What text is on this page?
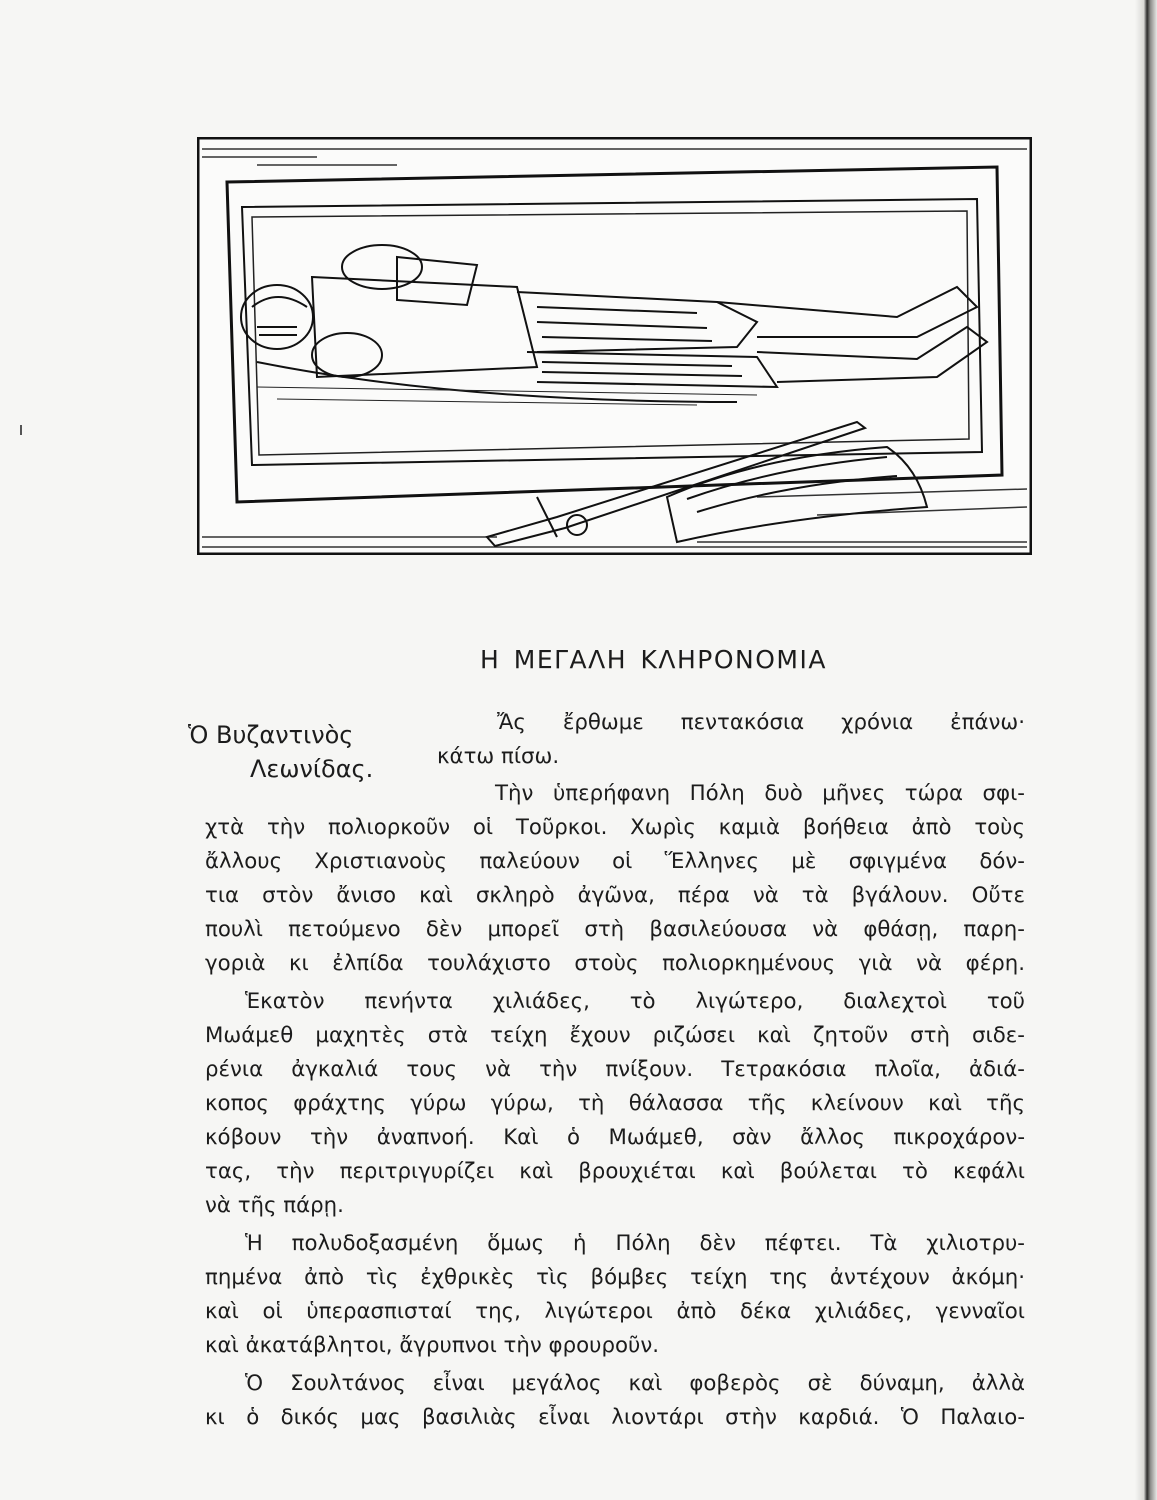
Η ΜΕΓΑΛΗ ΚΛΗΡΟΝΟΜΙΑ
Ὁ Βυζαντινὸς
Λεωνίδας.
Ἄς ἔρθωμε πεντακόσια χρόνια ἐπάνω·
κάτω πίσω.
Τὴν ὑπερήφανη Πόλη δυὸ μῆνες τώρα σφι-
χτὰ τὴν πολιορκοῦν οἱ Τοῦρκοι. Χωρὶς καμιὰ βοήθεια ἀπὸ τοὺς
ἄλλους Χριστιανοὺς παλεύουν οἱ Ἕλληνες μὲ σφιγμένα δόν-
τια στὸν ἄνισο καὶ σκληρὸ ἀγῶνα, πέρα νὰ τὰ βγάλουν. Οὔτε
πουλὶ πετούμενο δὲν μπορεῖ στὴ βασιλεύουσα νὰ φθάσῃ, παρη-
γοριὰ κι ἐλπίδα τουλάχιστο στοὺς πολιορκημένους γιὰ νὰ φέρη.
Ἑκατὸν πενήντα χιλιάδες, τὸ λιγώτερο, διαλεχτοὶ τοῦ
Μωάμεθ μαχητὲς στὰ τείχη ἔχουν ριζώσει καὶ ζητοῦν στὴ σιδε-
ρένια ἀγκαλιά τους νὰ τὴν πνίξουν. Τετρακόσια πλοῖα, ἀδιά-
κοπος φράχτης γύρω γύρω, τὴ θάλασσα τῆς κλείνουν καὶ τῆς
κόβουν τὴν ἀναπνοή. Καὶ ὁ Μωάμεθ, σὰν ἄλλος πικροχάρον-
τας, τὴν περιτριγυρίζει καὶ βρουχιέται καὶ βούλεται τὸ κεφάλι
νὰ τῆς πάρῃ.
Ἡ πολυδοξασμένη ὅμως ἡ Πόλη δὲν πέφτει. Τὰ χιλιοτρυ-
πημένα ἀπὸ τὶς ἐχθρικὲς τὶς βόμβες τείχη της ἀντέχουν ἀκόμη·
καὶ οἱ ὑπερασπισταί της, λιγώτεροι ἀπὸ δέκα χιλιάδες, γενναῖοι
καὶ ἀκατάβλητοι, ἄγρυπνοι τὴν φρουροῦν.
Ὁ Σουλτάνος εἶναι μεγάλος καὶ φοβερὸς σὲ δύναμη, ἀλλὰ
κι ὁ δικός μας βασιλιὰς εἶναι λιοντάρι στὴν καρδιά. Ὁ Παλαιο-
